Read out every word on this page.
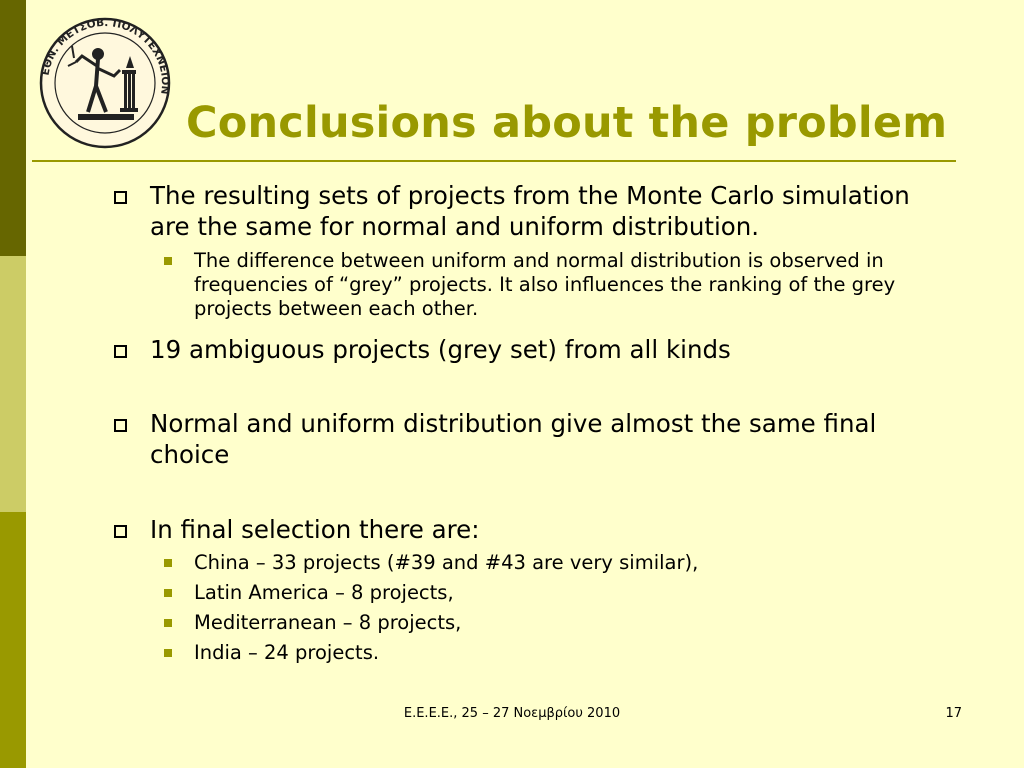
ΕΘΝ. ΜΕΤΣΟΒ. ΠΟΛΥΤΕΧΝΕΙΟΝ
Conclusions about the problem
The resulting sets of projects from the Monte Carlo simulation are the same for normal and uniform distribution.
The difference between uniform and normal distribution is observed in frequencies of “grey” projects. It also influences the ranking of the grey projects between each other.
19 ambiguous projects (grey set) from all kinds
Normal and uniform distribution give almost the same final choice
In final selection there are:
China – 33 projects (#39 and #43 are very similar),
Latin America – 8 projects,
Mediterranean – 8 projects,
India – 24 projects.
Ε.Ε.Ε.Ε., 25 – 27 Νοεμβρίου 2010	17
